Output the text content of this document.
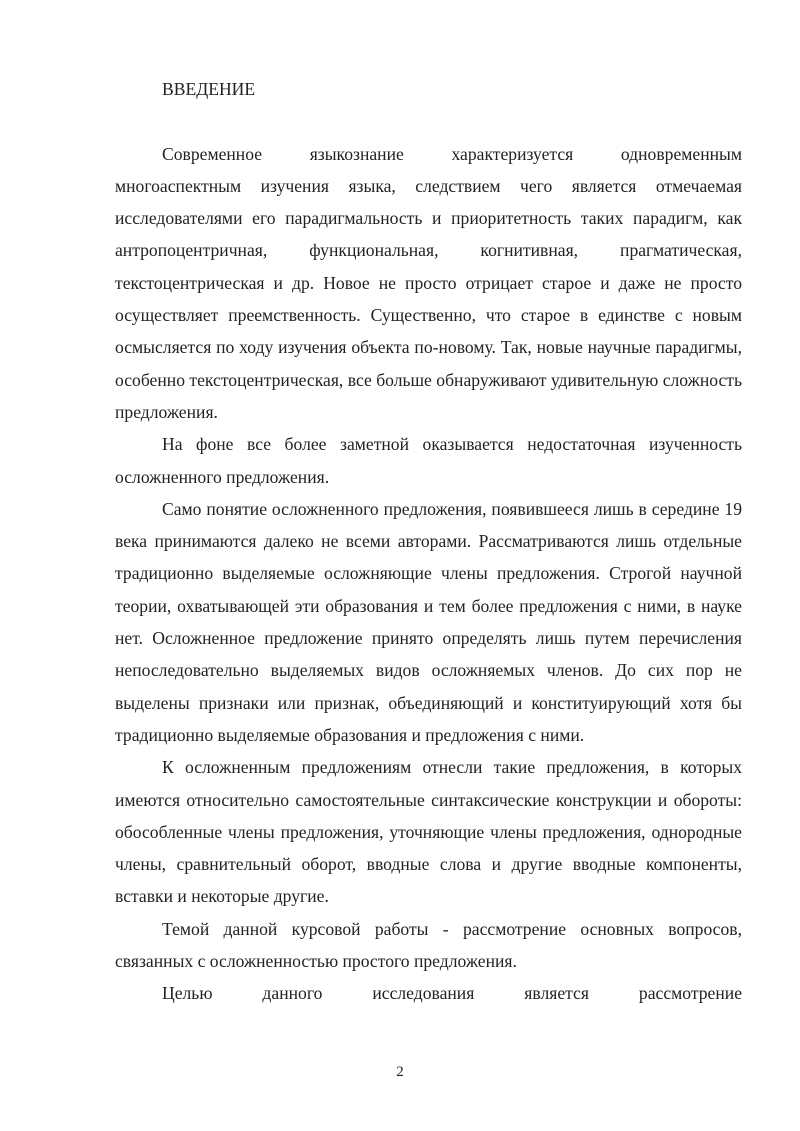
ВВЕДЕНИЕ

Современное языкознание характеризуется одновременным многоаспектным изучения языка, следствием чего является отмечаемая исследователями его парадигмальность и приоритетность таких парадигм, как антропоцентричная, функциональная, когнитивная, прагматическая, текстоцентрическая и др. Новое не просто отрицает старое и даже не просто осуществляет преемственность. Существенно, что старое в единстве с новым осмысляется по ходу изучения объекта по-новому. Так, новые научные парадигмы, особенно текстоцентрическая, все больше обнаруживают удивительную сложность предложения.

На фоне все более заметной оказывается недостаточная изученность осложненного предложения.

Само понятие осложненного предложения, появившееся лишь в середине 19 века принимаются далеко не всеми авторами. Рассматриваются лишь отдельные традиционно выделяемые осложняющие члены предложения. Строгой научной теории, охватывающей эти образования и тем более предложения с ними, в науке нет. Осложненное предложение принято определять лишь путем перечисления непоследовательно выделяемых видов осложняемых членов. До сих пор не выделены признаки или признак, объединяющий и конституирующий хотя бы традиционно выделяемые образования и предложения с ними.

К осложненным предложениям отнесли такие предложения, в которых имеются относительно самостоятельные синтаксические конструкции и обороты: обособленные члены предложения, уточняющие члены предложения, однородные члены, сравнительный оборот, вводные слова и другие вводные компоненты, вставки и некоторые другие.

Темой данной курсовой работы - рассмотрение основных вопросов, связанных с осложненностью простого предложения.

Целью данного исследования является рассмотрение

2
